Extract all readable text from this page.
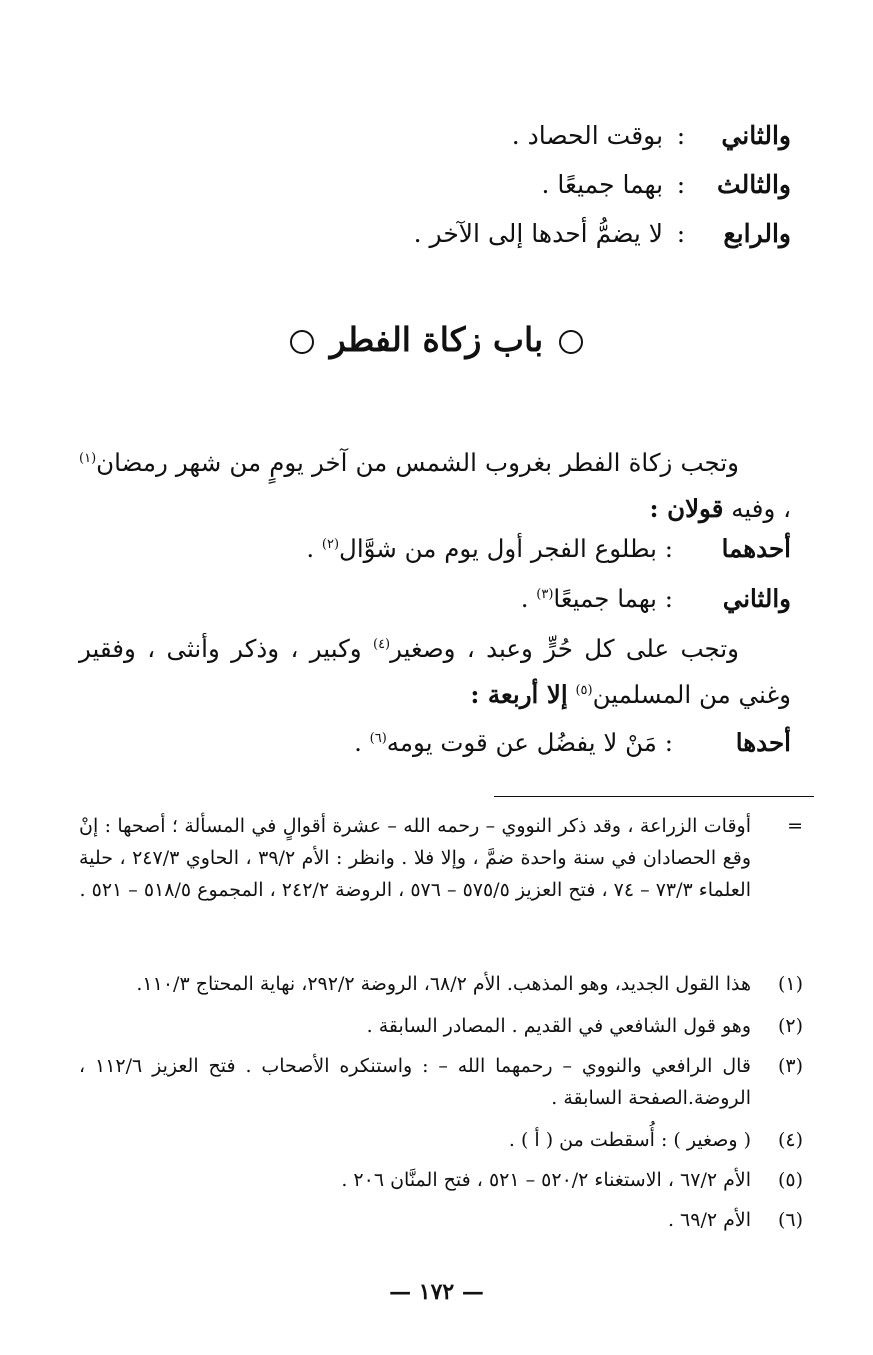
والثاني: بوقت الحصاد .
والثالث: بهما جميعًا .
والرابع: لا يضمُّ أحدها إلى الآخر .
باب زكاة الفطر
وتجب زكاة الفطر بغروب الشمس من آخر يومٍ من شهر رمضان$^{(١)}$ ، وفيه قولان :
أحدهما: بطلوع الفجر أول يوم من شوَّال$^{(٢)}$ .
والثاني: بهما جميعًا$^{(٣)}$ .
وتجب على كل حُرٍّ وعبد ، وصغير$^{(٤)}$ وكبير ، وذكر وأنثى ، وفقير وغني من المسلمين$^{(٥)}$ إلا أربعة :
أحدها: مَنْ لا يفضُل عن قوت يومه$^{(٦)}$ .
=
أوقات الزراعة ، وقد ذكر النووي – رحمه الله – عشرة أقوالٍ في المسألة ؛ أصحها : إنْ وقع الحصادان في سنة واحدة ضمَّ ، وإلا فلا . وانظر : الأم ٣٩/٢ ، الحاوي ٢٤٧/٣ ، حلية العلماء ٧٣/٣ – ٧٤ ، فتح العزيز ٥٧٥/٥ – ٥٧٦ ، الروضة ٢٤٢/٢ ، المجموع ٥١٨/٥ – ٥٢١ .
(١)
هذا القول الجديد، وهو المذهب. الأم ٦٨/٢، الروضة ٢٩٢/٢، نهاية المحتاج ١١٠/٣.
(٢)
وهو قول الشافعي في القديم . المصادر السابقة .
(٣)
قال الرافعي والنووي – رحمهما الله – : واستنكره الأصحاب . فتح العزيز ١١٢/٦ ، الروضة.الصفحة السابقة .
(٤)
( وصغير ) : أُسقطت من ( أ ) .
(٥)
الأم ٦٧/٢ ، الاستغناء ٥٢٠/٢ – ٥٢١ ، فتح المنَّان ٢٠٦ .
(٦)
الأم ٦٩/٢ .
— ١٧٢ —
